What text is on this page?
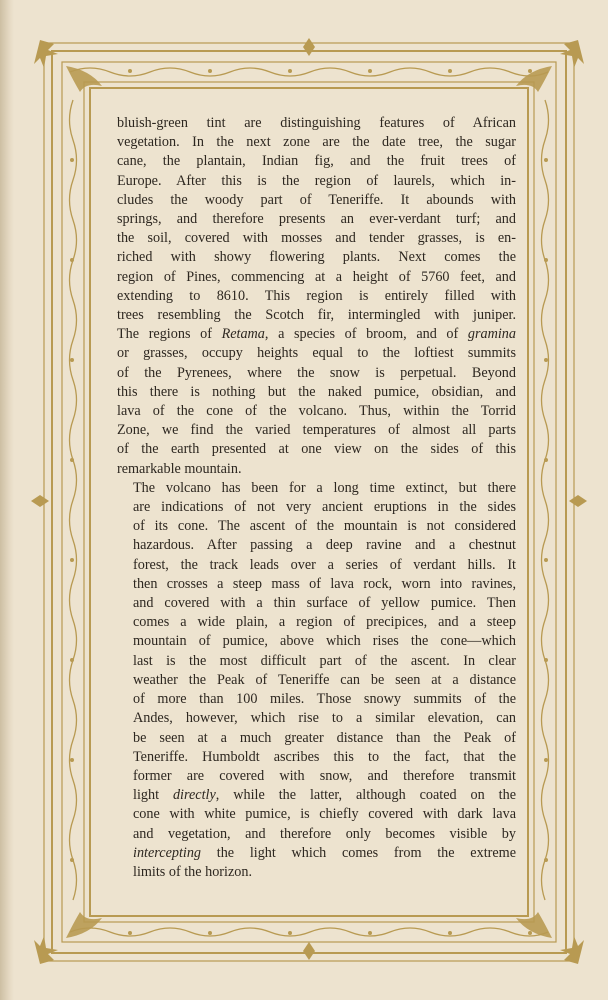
bluish-green tint are distinguishing features of African
vegetation. In the next zone are the date tree, the sugar
cane, the plantain, Indian fig, and the fruit trees of
Europe. After this is the region of laurels, which in-
cludes the woody part of Teneriffe. It abounds with
springs, and therefore presents an ever-verdant turf; and
the soil, covered with mosses and tender grasses, is en-
riched with showy flowering plants. Next comes the
region of Pines, commencing at a height of 5760 feet, and
extending to 8610. This region is entirely filled with
trees resembling the Scotch fir, intermingled with juniper.
The regions of Retama, a species of broom, and of gramina
or grasses, occupy heights equal to the loftiest summits
of the Pyrenees, where the snow is perpetual. Beyond
this there is nothing but the naked pumice, obsidian, and
lava of the cone of the volcano. Thus, within the Torrid
Zone, we find the varied temperatures of almost all parts
of the earth presented at one view on the sides of this
remarkable mountain.

The volcano has been for a long time extinct, but there
are indications of not very ancient eruptions in the sides
of its cone. The ascent of the mountain is not considered
hazardous. After passing a deep ravine and a chestnut
forest, the track leads over a series of verdant hills. It
then crosses a steep mass of lava rock, worn into ravines,
and covered with a thin surface of yellow pumice. Then
comes a wide plain, a region of precipices, and a steep
mountain of pumice, above which rises the cone—which
last is the most difficult part of the ascent. In clear
weather the Peak of Teneriffe can be seen at a distance
of more than 100 miles. Those snowy summits of the
Andes, however, which rise to a similar elevation, can
be seen at a much greater distance than the Peak of
Teneriffe. Humboldt ascribes this to the fact, that the
former are covered with snow, and therefore transmit
light directly, while the latter, although coated on the
cone with white pumice, is chiefly covered with dark lava
and vegetation, and therefore only becomes visible by
intercepting the light which comes from the extreme
limits of the horizon.
